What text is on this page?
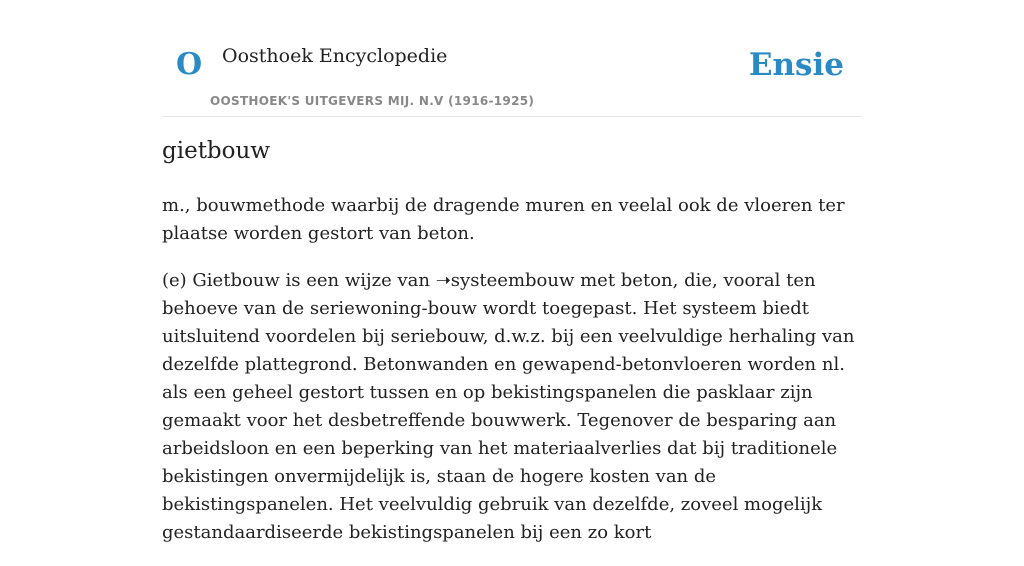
O Oosthoek Encyclopedie
OOSTHOEK'S UITGEVERS MIJ. N.V (1916-1925)
Ensie
gietbouw

m., bouwmethode waarbij de dragende muren en veelal ook de vloeren ter plaatse worden gestort van beton.

(e) Gietbouw is een wijze van ➝systeembouw met beton, die, vooral ten behoeve van de seriewoning-bouw wordt toegepast. Het systeem biedt uitsluitend voordelen bij seriebouw, d.w.z. bij een veelvuldige herhaling van dezelfde plattegrond. Betonwanden en gewapend-betonvloeren worden nl. als een geheel gestort tussen en op bekistingspanelen die pasklaar zijn gemaakt voor het desbetreffende bouwwerk. Tegenover de besparing aan arbeidsloon en een beperking van het materiaalverlies dat bij traditionele bekistingen onvermijdelijk is, staan de hogere kosten van de bekistingspanelen. Het veelvuldig gebruik van dezelfde, zoveel mogelijk gestandaardiseerde bekistingspanelen bij een zo kort
